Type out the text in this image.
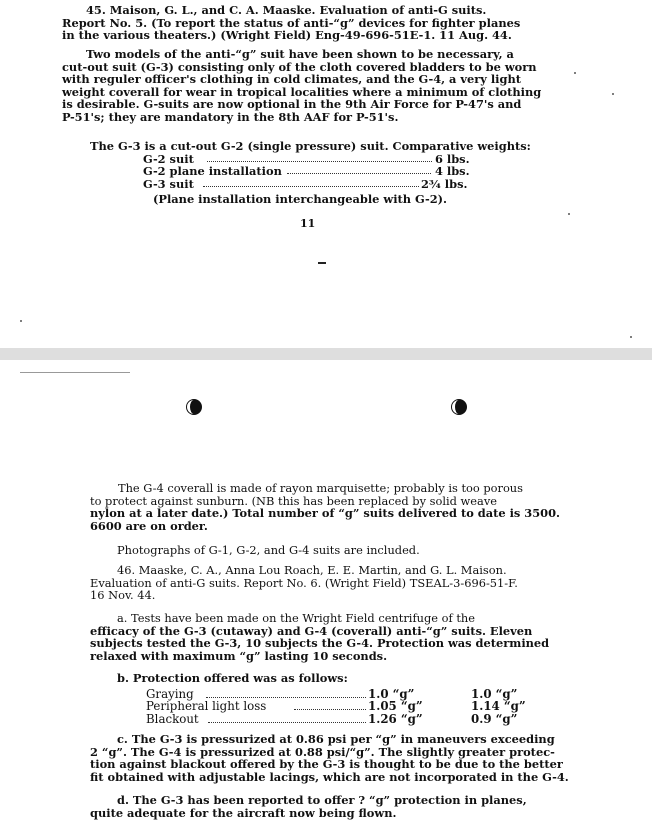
45. Maison, G. L., and C. A. Maaske. Evaluation of anti-G suits.

Report No. 5. (To report the status of anti-“g” devices for fighter planes

in the various theaters.) (Wright Field) Eng-49-696-51E-1. 11 Aug. 44.

Two models of the anti-“g” suit have been shown to be necessary, a

cut-out suit (G-3) consisting only of the cloth covered bladders to be worn

with reguler officer's clothing in cold climates, and the G-4, a very light

weight coverall for wear in tropical localities where a minimum of clothing

is desirable. G-suits are now optional in the 9th Air Force for P-47's and

P-51's; they are mandatory in the 8th AAF for P-51's.

The G-3 is a cut-out G-2 (single pressure) suit. Comparative weights:

G-2 suit	6 lbs.
G-2 plane installation	4 lbs.
G-3 suit	2¾ lbs.

(Plane installation interchangeable with G-2).

11

The G-4 coverall is made of rayon marquisette; probably is too porous

to protect against sunburn. (NB this has been replaced by solid weave

nylon at a later date.) Total number of “g” suits delivered to date is 3500.

6600 are on order.

Photographs of G-1, G-2, and G-4 suits are included.

46. Maaske, C. A., Anna Lou Roach, E. E. Martin, and G. L. Maison.

Evaluation of anti-G suits. Report No. 6. (Wright Field) TSEAL-3-696-51-F.

16 Nov. 44.

a. Tests have been made on the Wright Field centrifuge of the

efficacy of the G-3 (cutaway) and G-4 (coverall) anti-“g” suits. Eleven

subjects tested the G-3, 10 subjects the G-4. Protection was determined

relaxed with maximum “g” lasting 10 seconds.

b. Protection offered was as follows:

Graying	1.0 “g”	1.0 “g”
Peripheral light loss	1.05 “g”	1.14 “g”
Blackout	1.26 “g”	0.9 “g”

c. The G-3 is pressurized at 0.86 psi per “g” in maneuvers exceeding

2 “g”. The G-4 is pressurized at 0.88 psi/“g”. The slightly greater protec-

tion against blackout offered by the G-3 is thought to be due to the better

fit obtained with adjustable lacings, which are not incorporated in the G-4.

d. The G-3 has been reported to offer ? “g” protection in planes,

quite adequate for the aircraft now being flown.
